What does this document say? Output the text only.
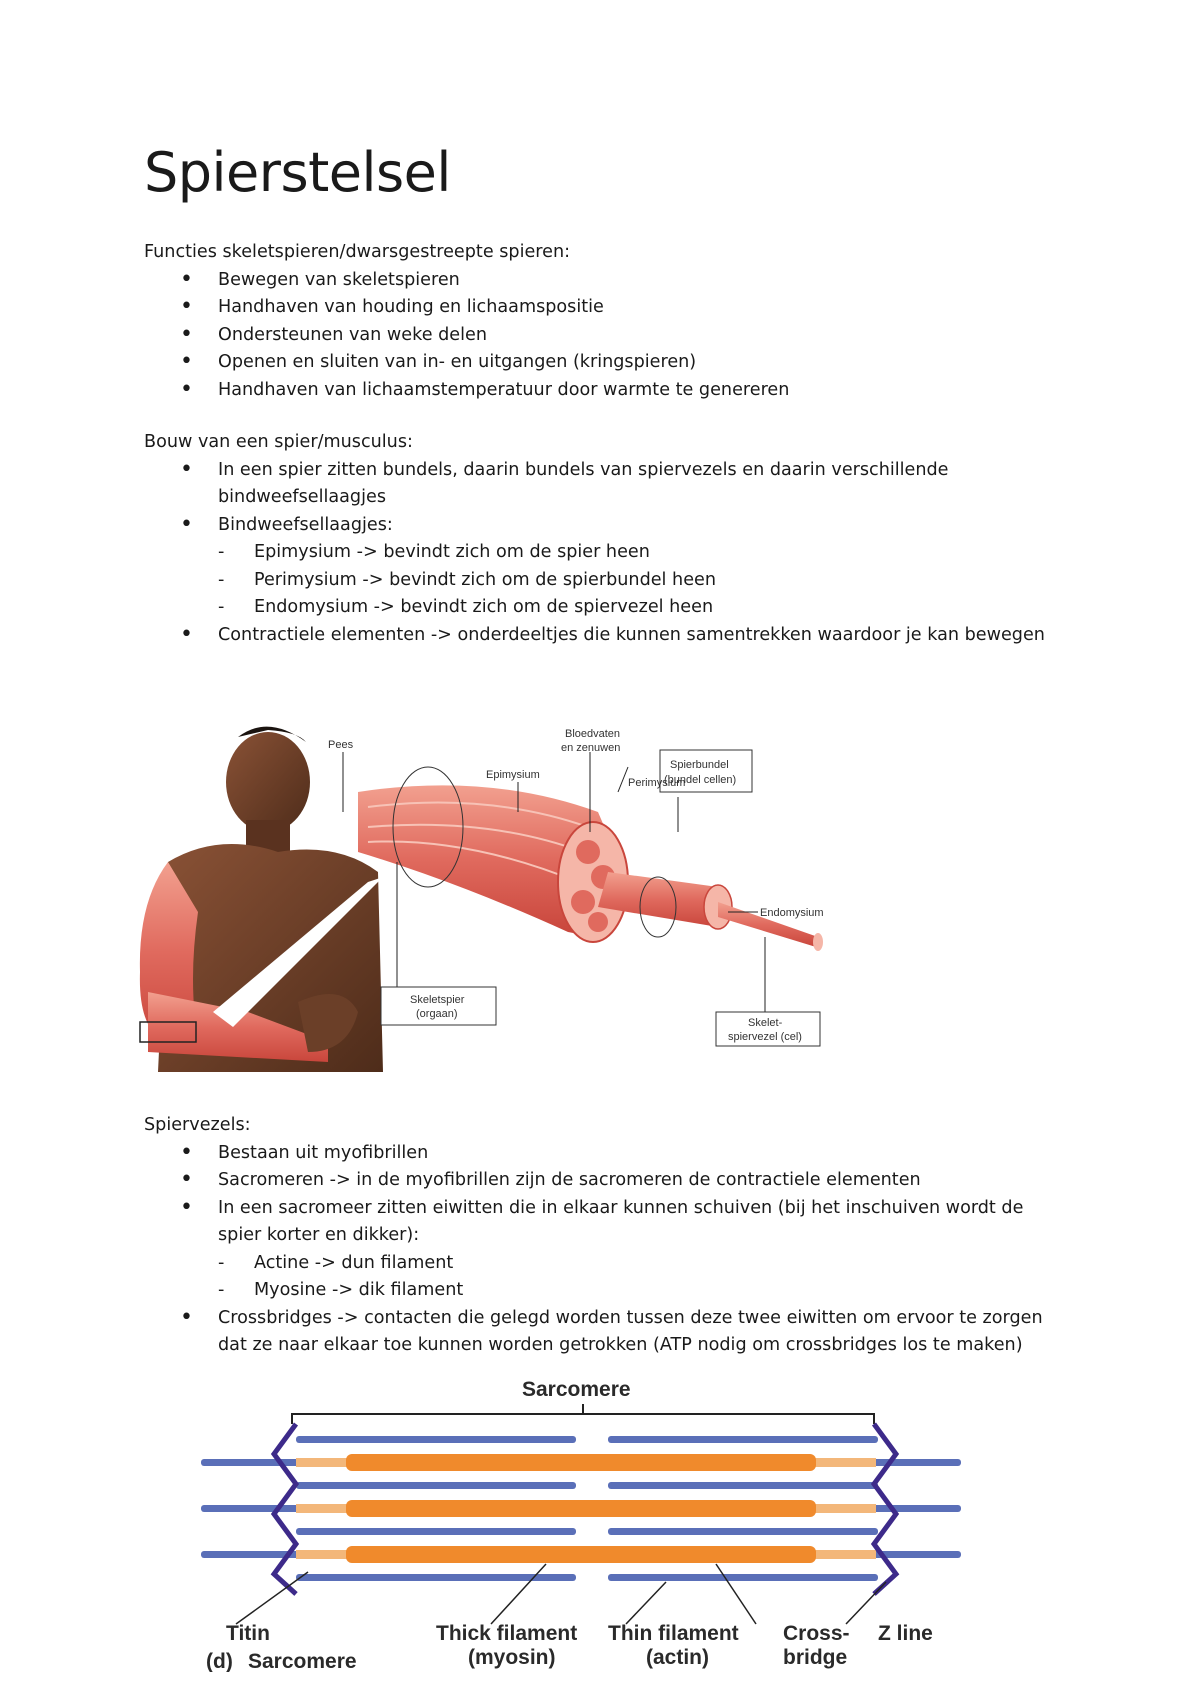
Spierstelsel

Functies skeletspieren/dwarsgestreepte spieren:

• Bewegen van skeletspieren
• Handhaven van houding en lichaamspositie
• Ondersteunen van weke delen
• Openen en sluiten van in- en uitgangen (kringspieren)
• Handhaven van lichaamstemperatuur door warmte te genereren

Bouw van een spier/musculus:

• In een spier zitten bundels, daarin bundels van spiervezels en daarin verschillende bindweefsellaagjes
• Bindweefsellaagjes:
- Epimysium -> bevindt zich om de spier heen
- Perimysium -> bevindt zich om de spierbundel heen
- Endomysium -> bevindt zich om de spiervezel heen
• Contractiele elementen -> onderdeeltjes die kunnen samentrekken waardoor je kan bewegen
Pees
Epimysium
Bloedvaten
en zenuwen
Perimysium
Spierbundel
(bundel cellen)
Endomysium
Skeletspier
(orgaan)
Skelet-
spiervezel (cel)

Spiervezels:

• Bestaan uit myofibrillen
• Sacromeren -> in de myofibrillen zijn de sacromeren de contractiele elementen
• In een sacromeer zitten eiwitten die in elkaar kunnen schuiven (bij het inschuiven wordt de spier korter en dikker):
- Actine -> dun filament
- Myosine -> dik filament
• Crossbridges -> contacten die gelegd worden tussen deze twee eiwitten om ervoor te zorgen dat ze naar elkaar toe kunnen worden getrokken (ATP nodig om crossbridges los te maken)
Sarcomere
Titin	Thick filament
(myosin)
Thin filament
(actin)
Cross-
bridge
Z line
(d) Sarcomere
